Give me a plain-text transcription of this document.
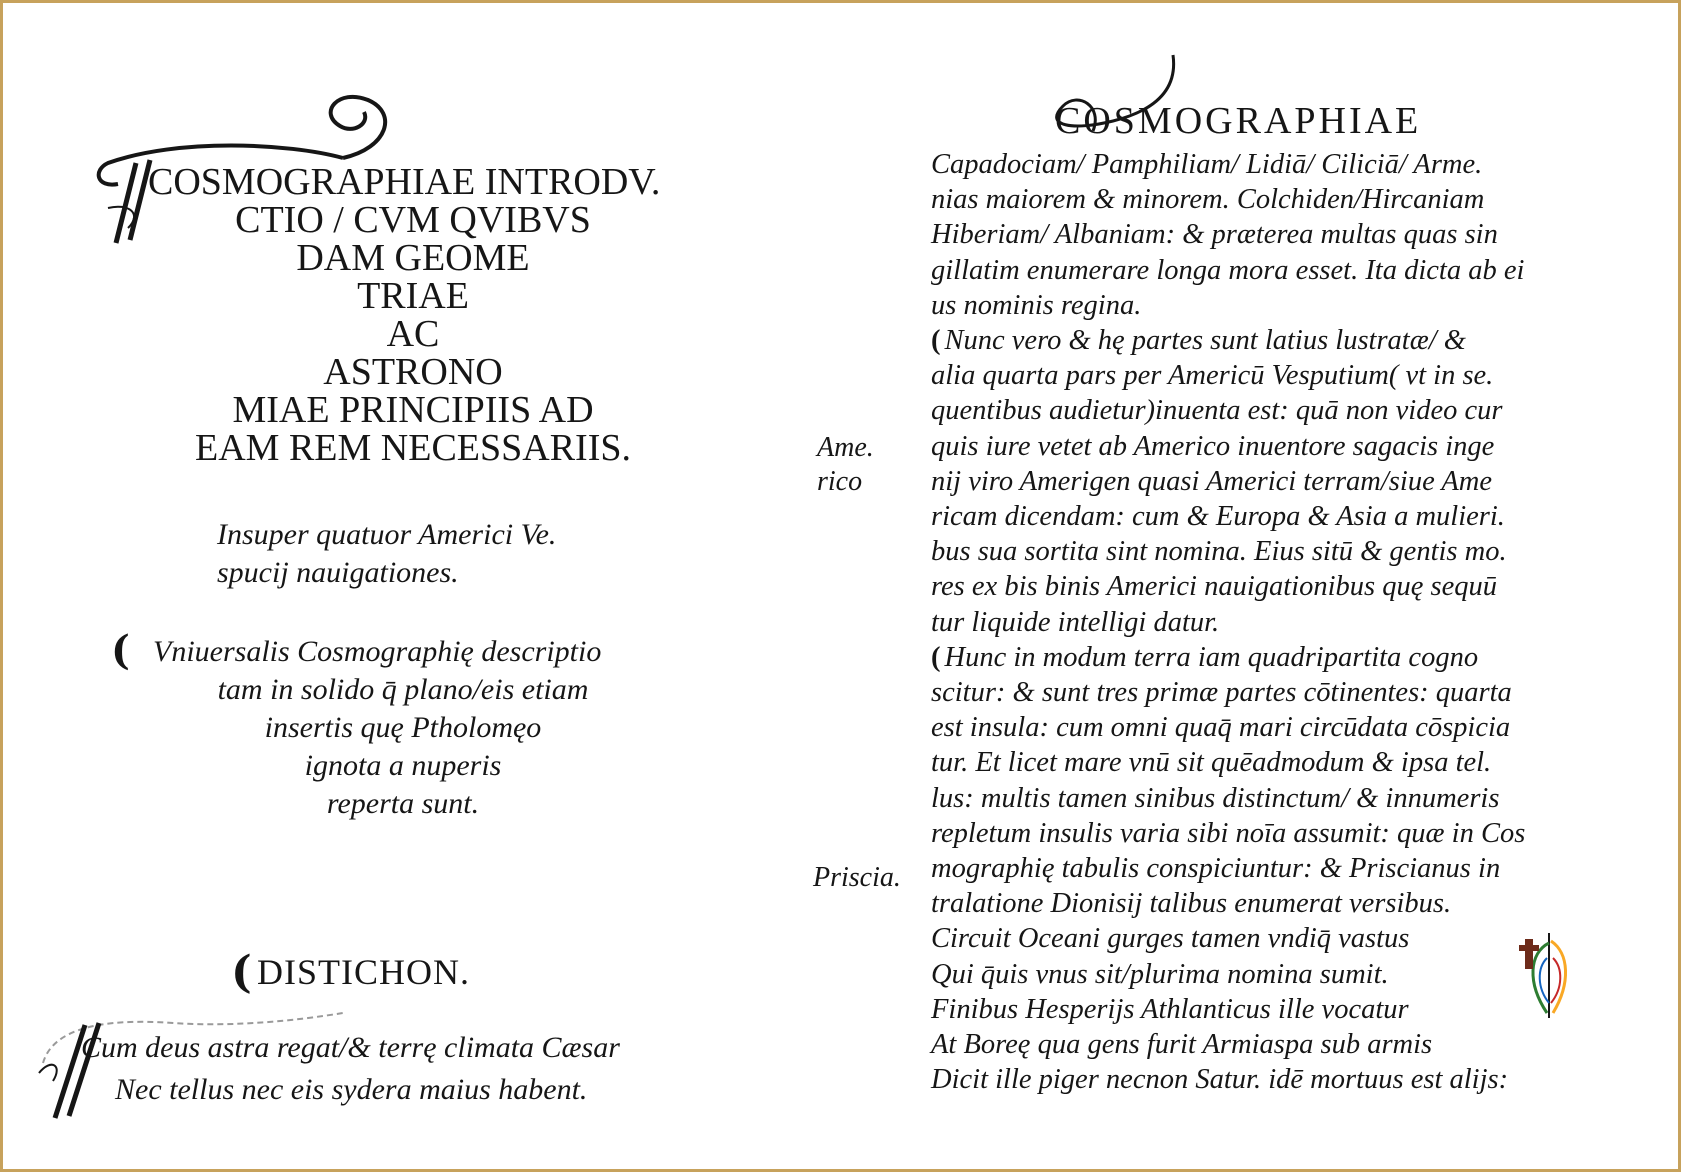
COSMOGRAPHIAE INTRODV.
CTIO / CVM QVIBVS
DAM GEOME
TRIAE
AC
ASTRONO
MIAE PRINCIPIIS AD
EAM REM NECESSARIIS.
Insuper quatuor Americi Ve.
spucij nauigationes.
( Vniuersalis Cosmographię descriptio
tam in solido q̄ plano/eis etiam
insertis quę Ptholomęo
ignota a nuperis
reperta sunt.
( DISTICHON.
Cum deus astra regat/& terrę climata Cæsar
Nec tellus nec eis sydera maius habent.
COSMOGRAPHIAE
Capadociam/ Pamphiliam/ Lidiā/ Ciliciā/ Arme.
nias maiorem & minorem. Colchiden/Hircaniam
Hiberiam/ Albaniam: & præterea multas quas sin
gillatim enumerare longa mora esset. Ita dicta ab ei
us nominis regina.
( Nunc vero & hę partes sunt latius lustratæ/ &
alia quarta pars per Americū Vesputium( vt in se.
quentibus audietur)inuenta est: quā non video cur
quis iure vetet ab Americo inuentore sagacis inge
nij viro Amerigen quasi Americi terram/siue Ame
ricam dicendam: cum & Europa & Asia a mulieri.
bus sua sortita sint nomina. Eius sitū & gentis mo.
res ex bis binis Americi nauigationibus quę sequū
tur liquide intelligi datur.
( Hunc in modum terra iam quadripartita cogno
scitur: & sunt tres primæ partes cōtinentes: quarta
est insula: cum omni quaq̄ mari circūdata cōspicia
tur. Et licet mare vnū sit quēadmodum & ipsa tel.
lus: multis tamen sinibus distinctum/ & innumeris
repletum insulis varia sibi noīa assumit: quæ in Cos
mographię tabulis conspiciuntur: & Priscianus in
tralatione Dionisij talibus enumerat versibus.
Circuit Oceani gurges tamen vndiq̄ vastus
Qui q̄uis vnus sit/plurima nomina sumit.
Finibus Hesperijs Athlanticus ille vocatur
At Boreę qua gens furit Armiaspa sub armis
Dicit ille piger necnon Satur. idē mortuus est alijs:
Ame.
rico
Priscia.
